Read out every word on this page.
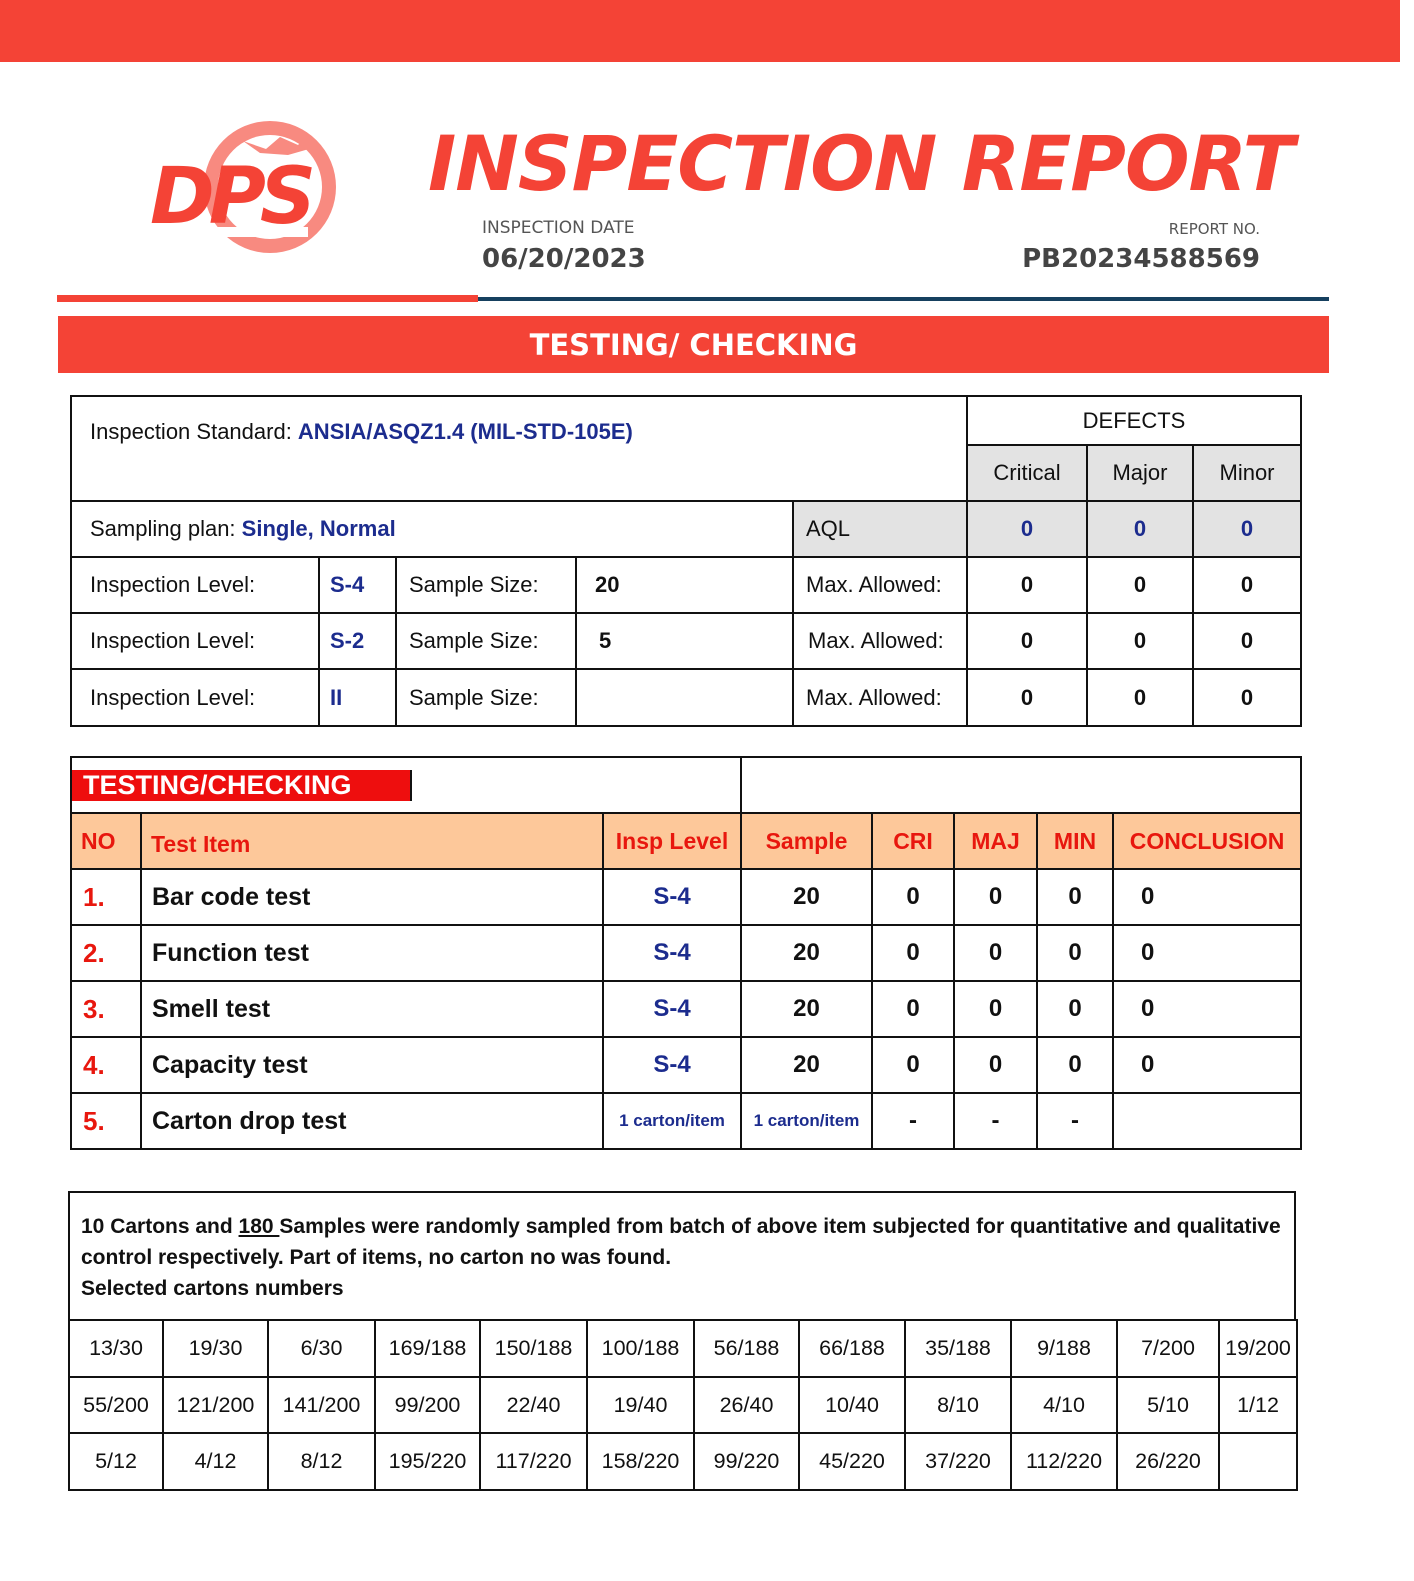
DPS INSPECTION REPORT
INSPECTION DATE
06/20/2023
REPORT NO.
PB20234588569
TESTING/ CHECKING
Inspection Standard: ANSIA/ASQZ1.4 (MIL-STD-105E)					DEFECTS		
					Critical	Major	Minor
Sampling plan: Single, Normal				AQL	0	0	0
Inspection Level:	S-4	Sample Size:	20	Max. Allowed:	0	0	0
Inspection Level:	S-2	Sample Size:	5	Max. Allowed:	0	0	0
Inspection Level:	II	Sample Size:		Max. Allowed:	0	0	0
TESTING/CHECKING							

NO	Test Item	Insp Level	Sample	CRI	MAJ	MIN	CONCLUSION
1.	Bar code test	S-4	20	0	0	0	0
2.	Function test	S-4	20	0	0	0	0
3.	Smell test	S-4	20	0	0	0	0
4.	Capacity test	S-4	20	0	0	0	0
5.	Carton drop test	1 carton/item	1 carton/item	-	-	-	

10 Cartons and 180 Samples were randomly sampled from batch of above item subjected for quantitative and qualitative control respectively. Part of items, no carton no was found.

Selected cartons numbers

13/30	19/30	6/30	169/188	150/188	100/188	56/188	66/188	35/188	9/188	7/200	19/200
55/200	121/200	141/200	99/200	22/40	19/40	26/40	10/40	8/10	4/10	5/10	1/12
5/12	4/12	8/12	195/220	117/220	158/220	99/220	45/220	37/220	112/220	26/220	
